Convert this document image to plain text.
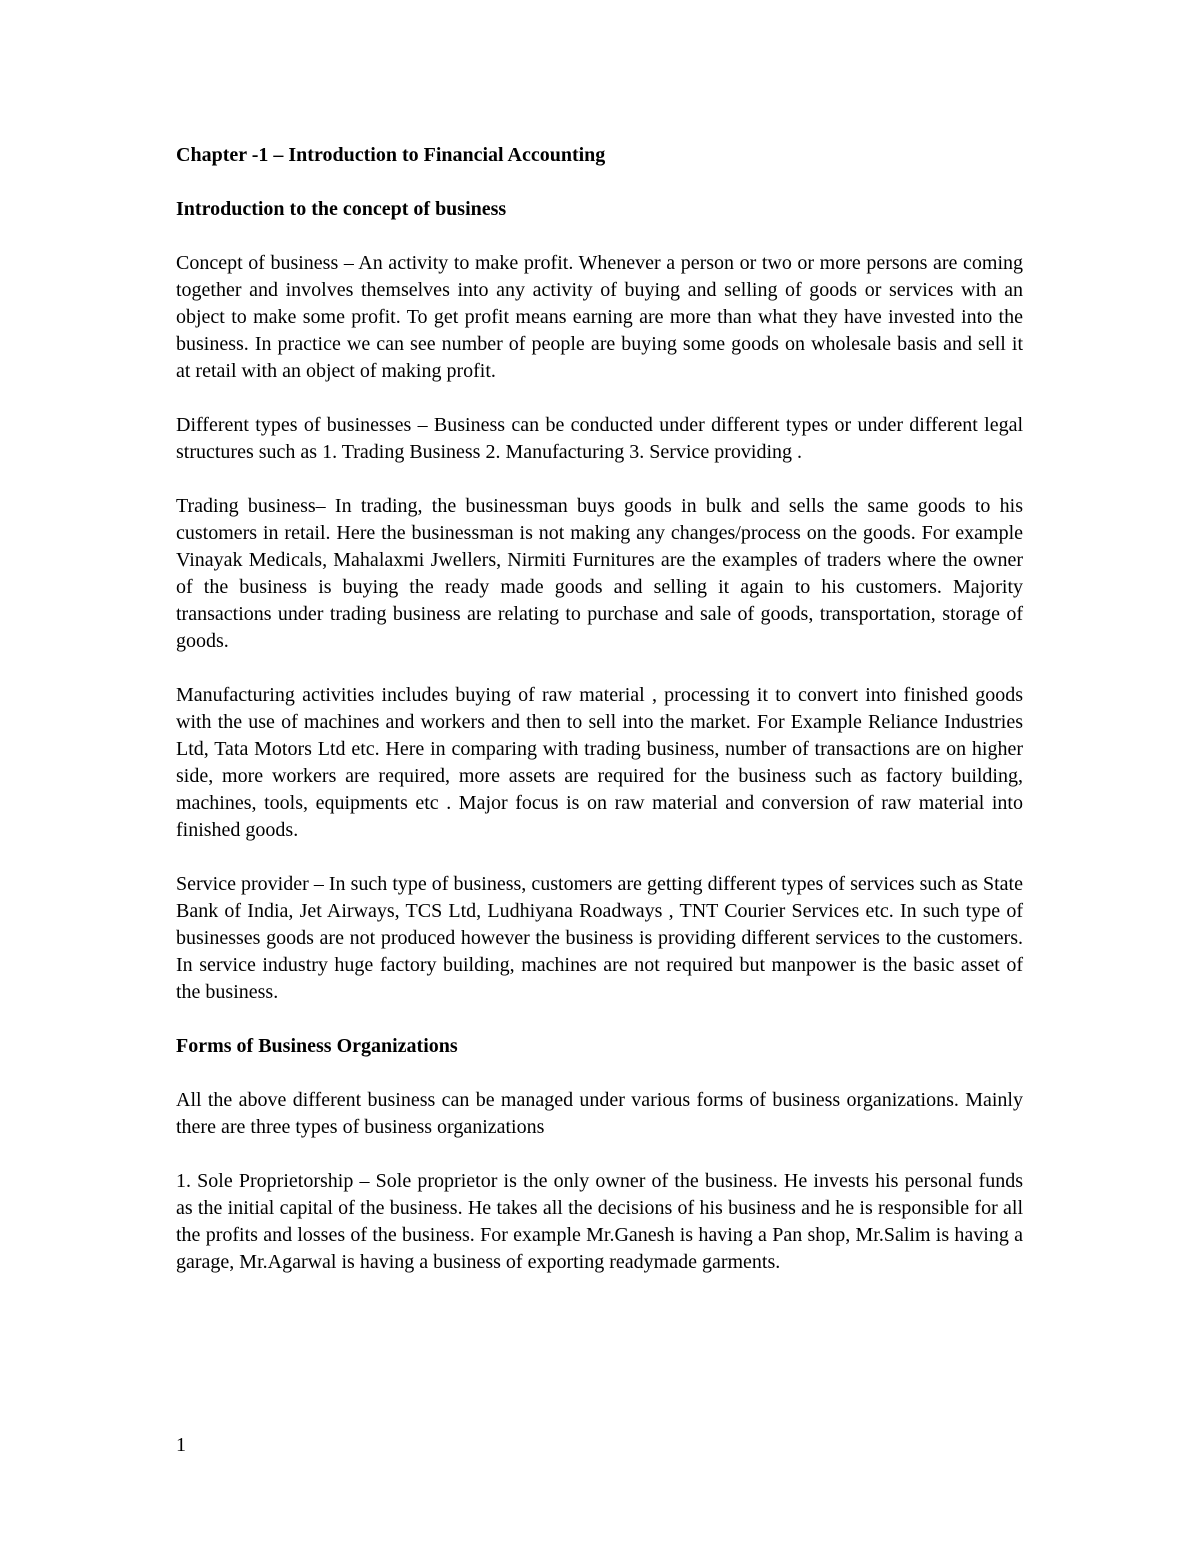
Chapter -1 – Introduction to Financial Accounting

Introduction to the concept of business

Concept of business – An activity to make profit. Whenever a person or two or more persons are coming together and involves themselves into any activity of buying and selling of goods or services with an object to make some profit. To get profit means earning are more than what they have invested into the business. In practice we can see number of people are buying some goods on wholesale basis and sell it at retail with an object of making profit.

Different types of businesses – Business can be conducted under different types or under different legal structures such as 1. Trading Business 2. Manufacturing 3. Service providing .

Trading business– In trading, the businessman buys goods in bulk and sells the same goods to his customers in retail. Here the businessman is not making any changes/process on the goods. For example Vinayak Medicals, Mahalaxmi Jwellers, Nirmiti Furnitures are the examples of traders where the owner of the business is buying the ready made goods and selling it again to his customers. Majority transactions under trading business are relating to purchase and sale of goods, transportation, storage of goods.

Manufacturing activities includes buying of raw material , processing it to convert into finished goods with the use of machines and workers and then to sell into the market. For Example Reliance Industries Ltd, Tata Motors Ltd etc. Here in comparing with trading business, number of transactions are on higher side, more workers are required, more assets are required for the business such as factory building, machines, tools, equipments etc . Major focus is on raw material and conversion of raw material into finished goods.

Service provider – In such type of business, customers are getting different types of services such as State Bank of India, Jet Airways, TCS Ltd, Ludhiyana Roadways , TNT Courier Services etc. In such type of businesses goods are not produced however the business is providing different services to the customers. In service industry huge factory building, machines are not required but manpower is the basic asset of the business.

Forms of Business Organizations

All the above different business can be managed under various forms of business organizations. Mainly there are three types of business organizations

1. Sole Proprietorship – Sole proprietor is the only owner of the business. He invests his personal funds as the initial capital of the business. He takes all the decisions of his business and he is responsible for all the profits and losses of the business. For example Mr.Ganesh is having a Pan shop, Mr.Salim is having a garage, Mr.Agarwal is having a business of exporting readymade garments.

1
